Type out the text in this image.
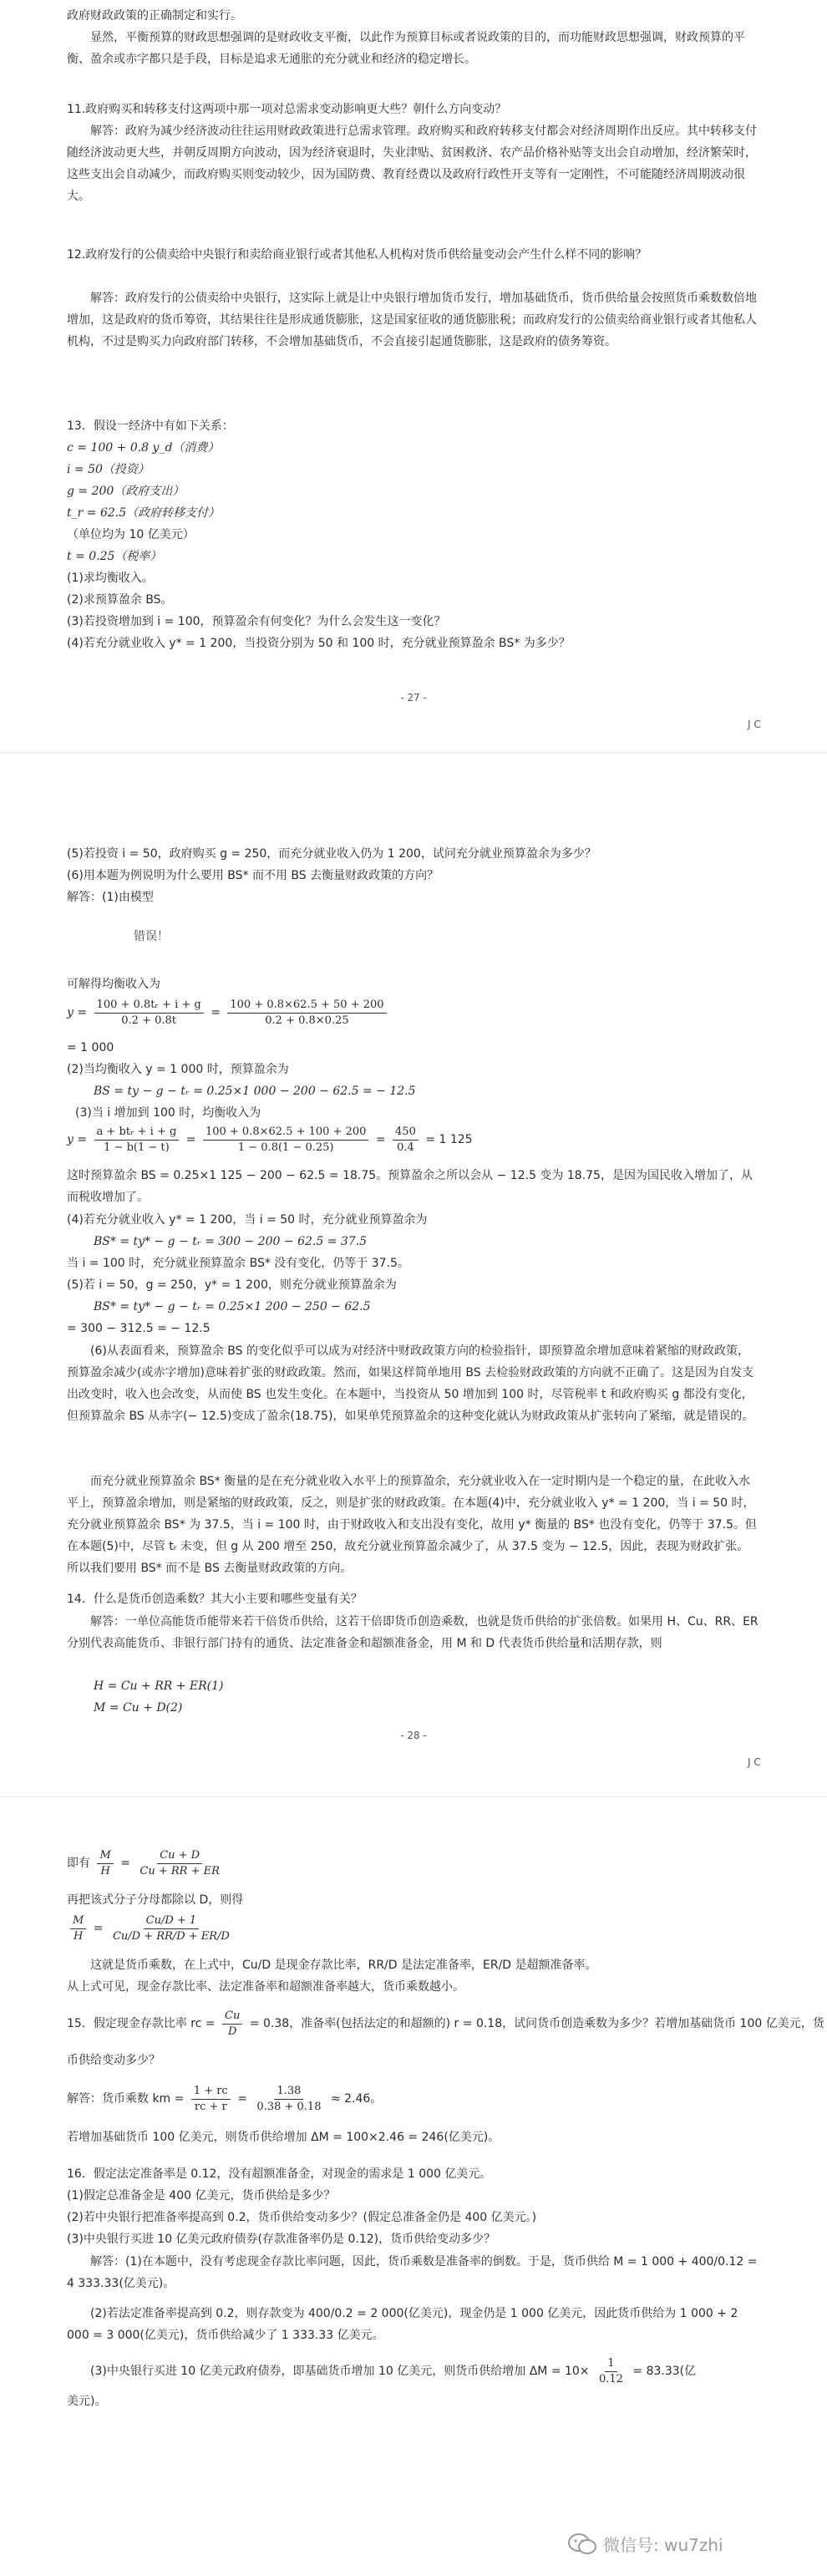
政府财政政策的正确制定和实行。

显然，平衡预算的财政思想强调的是财政收支平衡，以此作为预算目标或者说政策的目的，而功能财政思想强调，财政预算的平衡、盈余或赤字都只是手段，目标是追求无通胀的充分就业和经济的稳定增长。

11.政府购买和转移支付这两项中那一项对总需求变动影响更大些？朝什么方向变动？

解答：政府为减少经济波动往往运用财政政策进行总需求管理。政府购买和政府转移支付都会对经济周期作出反应。其中转移支付随经济波动更大些，并朝反周期方向波动，因为经济衰退时，失业津贴、贫困救济、农产品价格补贴等支出会自动增加，经济繁荣时，这些支出会自动减少，而政府购买则变动较少，因为国防费、教育经费以及政府行政性开支等有一定刚性，不可能随经济周期波动很大。

12.政府发行的公债卖给中央银行和卖给商业银行或者其他私人机构对货币供给量变动会产生什么样不同的影响？

解答：政府发行的公债卖给中央银行，这实际上就是让中央银行增加货币发行，增加基础货币，货币供给量会按照货币乘数数倍地增加，这是政府的货币筹资，其结果往往是形成通货膨胀，这是国家征收的通货膨胀税；而政府发行的公债卖给商业银行或者其他私人机构，不过是购买力向政府部门转移，不会增加基础货币，不会直接引起通货膨胀，这是政府的债务筹资。

13．假设一经济中有如下关系：
c = 100 + 0.8 y_d（消费）
i = 50（投资）
g = 200（政府支出）
t_r = 62.5（政府转移支付）
（单位均为 10 亿美元）
t = 0.25（税率）
(1)求均衡收入。
(2)求预算盈余 BS。
(3)若投资增加到 i = 100，预算盈余有何变化？为什么会发生这一变化？
(4)若充分就业收入 y* = 1 200，当投资分别为 50 和 100 时，充分就业预算盈余 BS* 为多少？
- 27 -
J C
(5)若投资 i = 50，政府购买 g = 250，而充分就业收入仍为 1 200，试问充分就业预算盈余为多少？
(6)用本题为例说明为什么要用 BS* 而不用 BS 去衡量财政政策的方向？
解答：(1)由模型
错误！
可解得均衡收入为
$y = \frac{\text{100 + 0.8tᵣ + i + g}}{0.2 + 0.8t} = \frac{100 + 0.8\times 62.5 + 50 + 200}{0.2 + 0.8\times 0.25}$
= 1 000
(2)当均衡收入 y = 1 000 时，预算盈余为
BS = ty − g − tᵣ = 0.25×1 000 − 200 − 62.5 = − 12.5
(3)当 i 增加到 100 时，均衡收入为
$y = \frac{\text{a + btᵣ + i + g}}{1 - b(1 - t)} = \frac{100 + 0.8\times 62.5 + 100 + 200}{1 - 0.8(1 - 0.25)} = \frac{450}{0.4} = 1$ 125

这时预算盈余 BS = 0.25×1 125 − 200 − 62.5 = 18.75。预算盈余之所以会从 − 12.5 变为 18.75，是因为国民收入增加了，从而税收增加了。

(4)若充分就业收入 y* = 1 200，当 i = 50 时，充分就业预算盈余为
BS* = ty* − g − tᵣ = 300 − 200 − 62.5 = 37.5
当 i = 100 时，充分就业预算盈余 BS* 没有变化，仍等于 37.5。
(5)若 i = 50，g = 250，y* = 1 200，则充分就业预算盈余为
BS* = ty* − g − tᵣ = 0.25×1 200 − 250 − 62.5
= 300 − 312.5 = − 12.5

(6)从表面看来，预算盈余 BS 的变化似乎可以成为对经济中财政政策方向的检验指针，即预算盈余增加意味着紧缩的财政政策，预算盈余减少(或赤字增加)意味着扩张的财政政策。然而，如果这样简单地用 BS 去检验财政政策的方向就不正确了。这是因为自发支出改变时，收入也会改变，从而使 BS 也发生变化。在本题中，当投资从 50 增加到 100 时，尽管税率 t 和政府购买 g 都没有变化，但预算盈余 BS 从赤字(− 12.5)变成了盈余(18.75)，如果单凭预算盈余的这种变化就认为财政政策从扩张转向了紧缩，就是错误的。

而充分就业预算盈余 BS* 衡量的是在充分就业收入水平上的预算盈余，充分就业收入在一定时期内是一个稳定的量，在此收入水平上，预算盈余增加，则是紧缩的财政政策，反之，则是扩张的财政政策。在本题(4)中，充分就业收入 y* = 1 200，当 i = 50 时，充分就业预算盈余 BS* 为 37.5，当 i = 100 时，由于财政收入和支出没有变化，故用 y* 衡量的 BS* 也没有变化，仍等于 37.5。但在本题(5)中，尽管 tᵣ 未变，但 g 从 200 增至 250，故充分就业预算盈余减少了，从 37.5 变为 − 12.5，因此，表现为财政扩张。所以我们要用 BS* 而不是 BS 去衡量财政政策的方向。

14．什么是货币创造乘数？其大小主要和哪些变量有关？

解答：一单位高能货币能带来若干倍货币供给，这若干倍即货币创造乘数，也就是货币供给的扩张倍数。如果用 H、Cu、RR、ER 分别代表高能货币、非银行部门持有的通货、法定准备金和超额准备金，用 M 和 D 代表货币供给量和活期存款，则

H = Cu + RR + ER(1)
M = Cu + D(2)
- 28 -
J C
即有 $\frac{M}{H} = \frac{Cu + D}{Cu + RR + ER}$
再把该式分子分母都除以 D，则得
$\frac{M}{H} = \frac{Cu/D + 1}{Cu/D + RR/D + ER/D}$
这就是货币乘数，在上式中，Cu/D 是现金存款比率，RR/D 是法定准备率，ER/D 是超额准备率。
从上式可见，现金存款比率、法定准备率和超额准备率越大，货币乘数越小。
15．假定现金存款比率 rc = $\frac{Cu}{D} = 0.38$，准备率(包括法定的和超额的) r = 0.18，试问货币创造乘数为多少？若增加基础货币 100 亿美元，货币供给变动多少？
解答：货币乘数 km = $\frac{1 + rc}{rc + r} = \frac{1.38}{0.38 + 0.18} \approx 2.46$。
若增加基础货币 100 亿美元，则货币供给增加 ΔM = 100×2.46 = 246(亿美元)。
16．假定法定准备率是 0.12，没有超额准备金，对现金的需求是 1 000 亿美元。
(1)假定总准备金是 400 亿美元，货币供给是多少？
(2)若中央银行把准备率提高到 0.2，货币供给变动多少？(假定总准备金仍是 400 亿美元。)
(3)中央银行买进 10 亿美元政府债券(存款准备率仍是 0.12)，货币供给变动多少？

解答：(1)在本题中，没有考虑现金存款比率问题，因此，货币乘数是准备率的倒数。于是，货币供给 M = 1 000 + 400/0.12 = 4 333.33(亿美元)。

(2)若法定准备率提高到 0.2，则存款变为 400/0.2 = 2 000(亿美元)，现金仍是 1 000 亿美元，因此货币供给为 1 000 + 2 000 = 3 000(亿美元)，货币供给减少了 1 333.33 亿美元。

(3)中央银行买进 10 亿美元政府债券，即基础货币增加 10 亿美元，则货币供给增加 $\Delta M = 10\times \frac{1}{0.12} = 83.33$(亿
美元)。
微信号: wu7zhi
